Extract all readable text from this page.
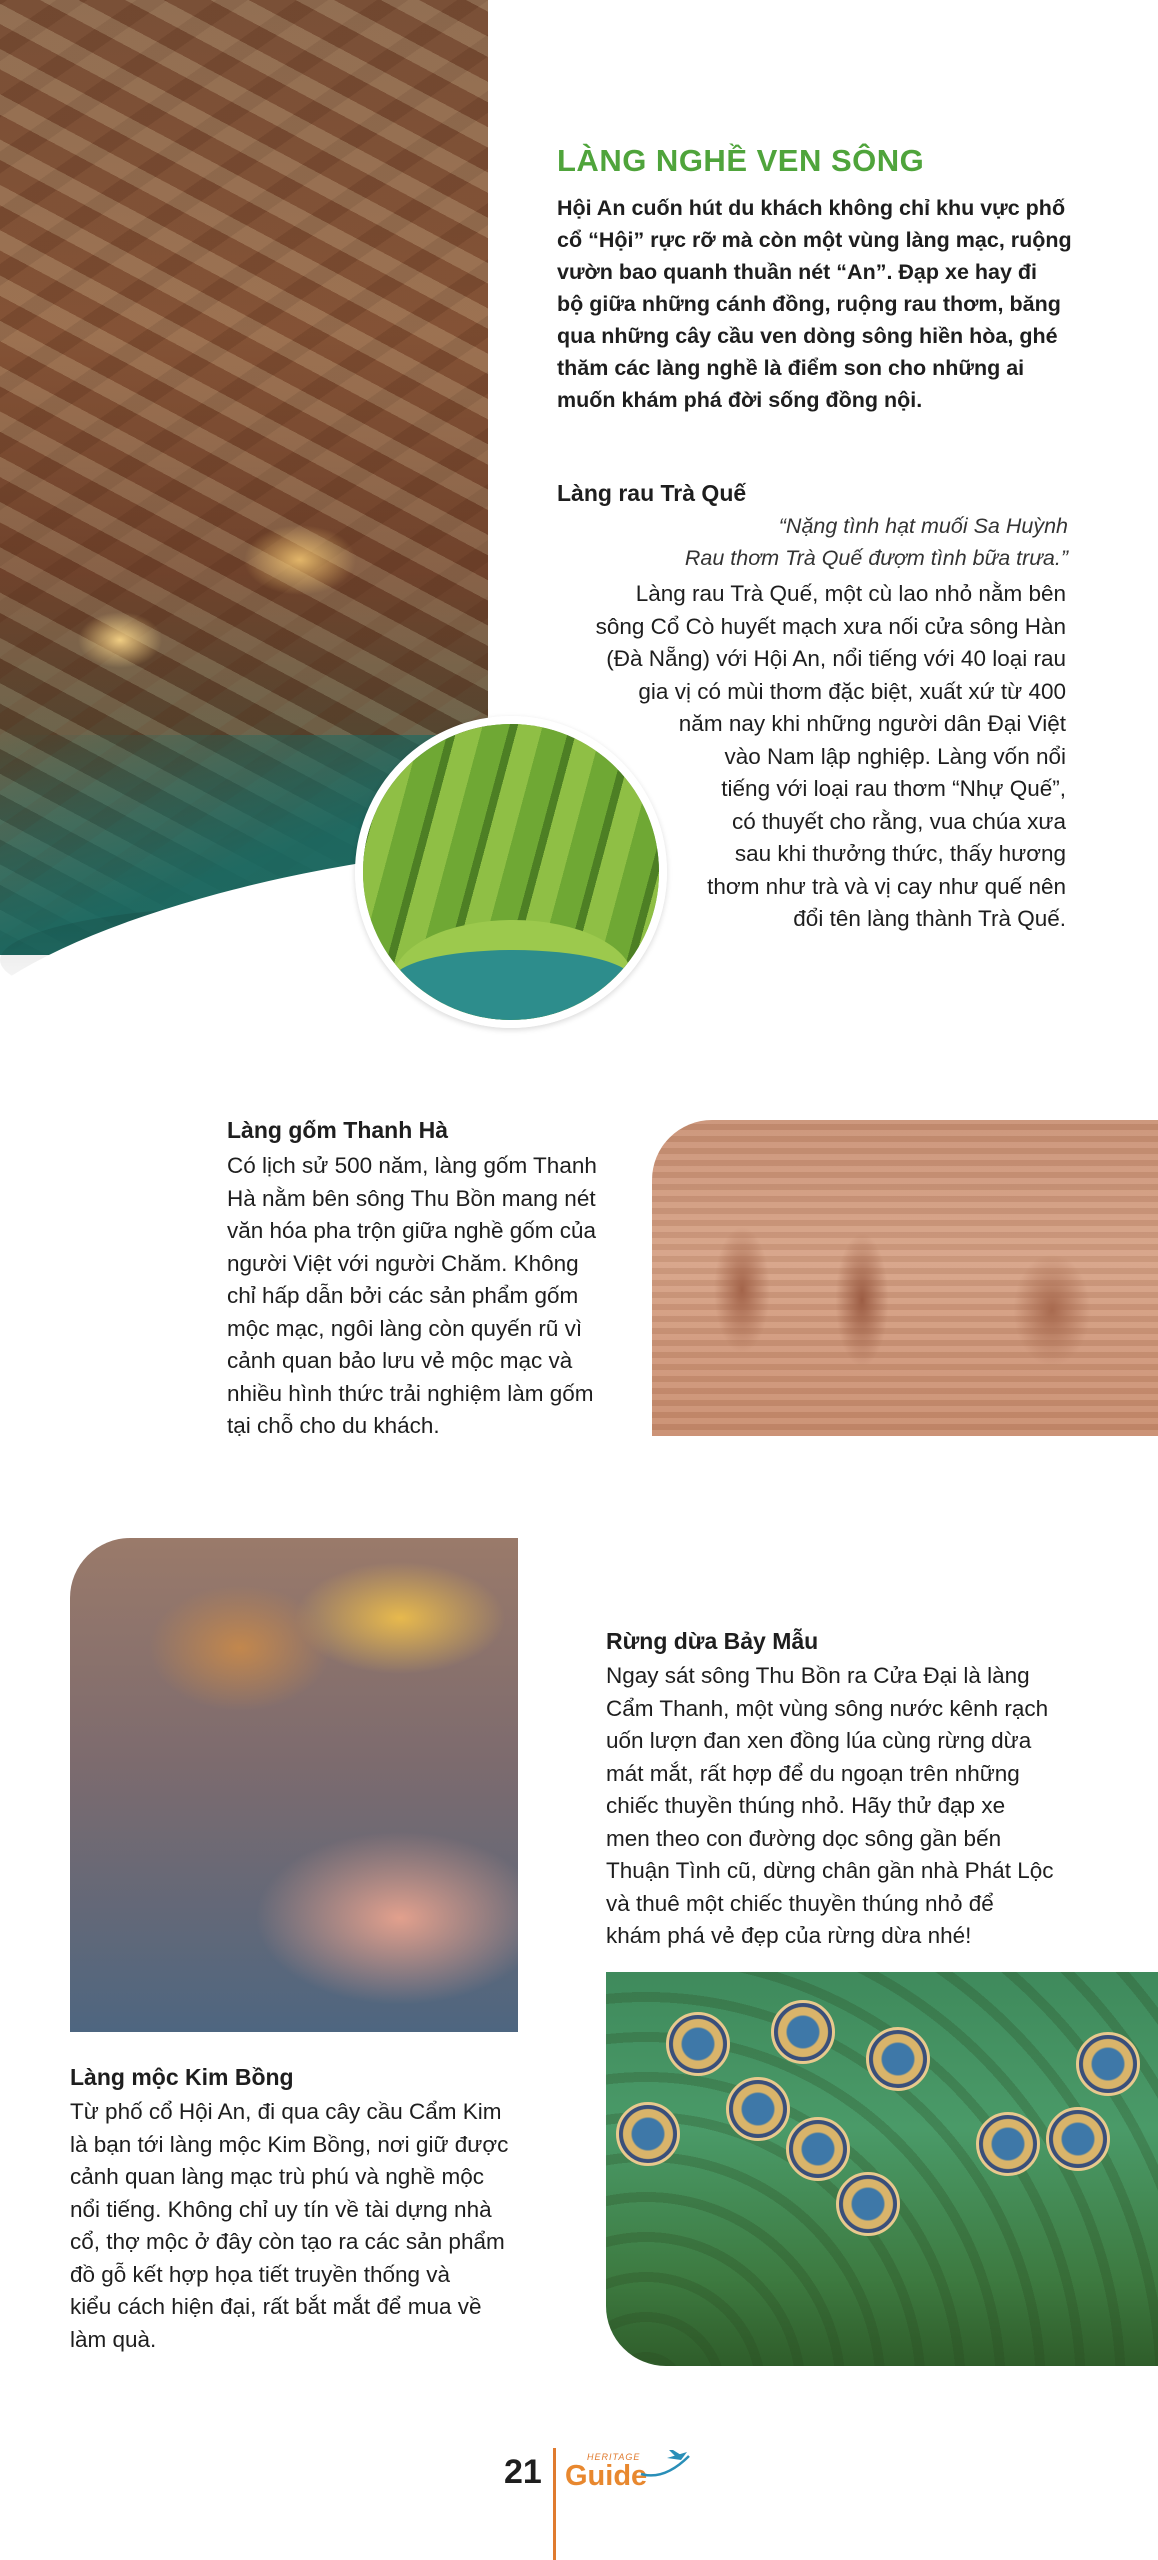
LÀNG NGHỀ VEN SÔNG
Hội An cuốn hút du khách không chỉ khu vực phố
cổ “Hội” rực rỡ mà còn một vùng làng mạc, ruộng
vườn bao quanh thuần nét “An”. Đạp xe hay đi
bộ giữa những cánh đồng, ruộng rau thơm, băng
qua những cây cầu ven dòng sông hiền hòa, ghé
thăm các làng nghề là điểm son cho những ai
muốn khám phá đời sống đồng nội.
Làng rau Trà Quế
“Nặng tình hạt muối Sa Huỳnh
Rau thơm Trà Quế đượm tình bữa trưa.”
Làng rau Trà Quế, một cù lao nhỏ nằm bên
sông Cổ Cò huyết mạch xưa nối cửa sông Hàn
(Đà Nẵng) với Hội An, nổi tiếng với 40 loại rau
gia vị có mùi thơm đặc biệt, xuất xứ từ 400
năm nay khi những người dân Đại Việt
vào Nam lập nghiệp. Làng vốn nổi
tiếng với loại rau thơm “Nhự Quế”,
có thuyết cho rằng, vua chúa xưa
sau khi thưởng thức, thấy hương
thơm như trà và vị cay như quế nên
đổi tên làng thành Trà Quế.
Làng gốm Thanh Hà
Có lịch sử 500 năm, làng gốm Thanh
Hà nằm bên sông Thu Bồn mang nét
văn hóa pha trộn giữa nghề gốm của
người Việt với người Chăm. Không
chỉ hấp dẫn bởi các sản phẩm gốm
mộc mạc, ngôi làng còn quyến rũ vì
cảnh quan bảo lưu vẻ mộc mạc và
nhiều hình thức trải nghiệm làm gốm
tại chỗ cho du khách.
Rừng dừa Bảy Mẫu
Ngay sát sông Thu Bồn ra Cửa Đại là làng
Cẩm Thanh, một vùng sông nước kênh rạch
uốn lượn đan xen đồng lúa cùng rừng dừa
mát mắt, rất hợp để du ngoạn trên những
chiếc thuyền thúng nhỏ. Hãy thử đạp xe
men theo con đường dọc sông gần bến
Thuận Tình cũ, dừng chân gần nhà Phát Lộc
và thuê một chiếc thuyền thúng nhỏ để
khám phá vẻ đẹp của rừng dừa nhé!
Làng mộc Kim Bồng
Từ phố cổ Hội An, đi qua cây cầu Cẩm Kim
là bạn tới làng mộc Kim Bồng, nơi giữ được
cảnh quan làng mạc trù phú và nghề mộc
nổi tiếng. Không chỉ uy tín về tài dựng nhà
cổ, thợ mộc ở đây còn tạo ra các sản phẩm
đồ gỗ kết hợp họa tiết truyền thống và
kiểu cách hiện đại, rất bắt mắt để mua về
làm quà.
21	HERITAGE
Guide
